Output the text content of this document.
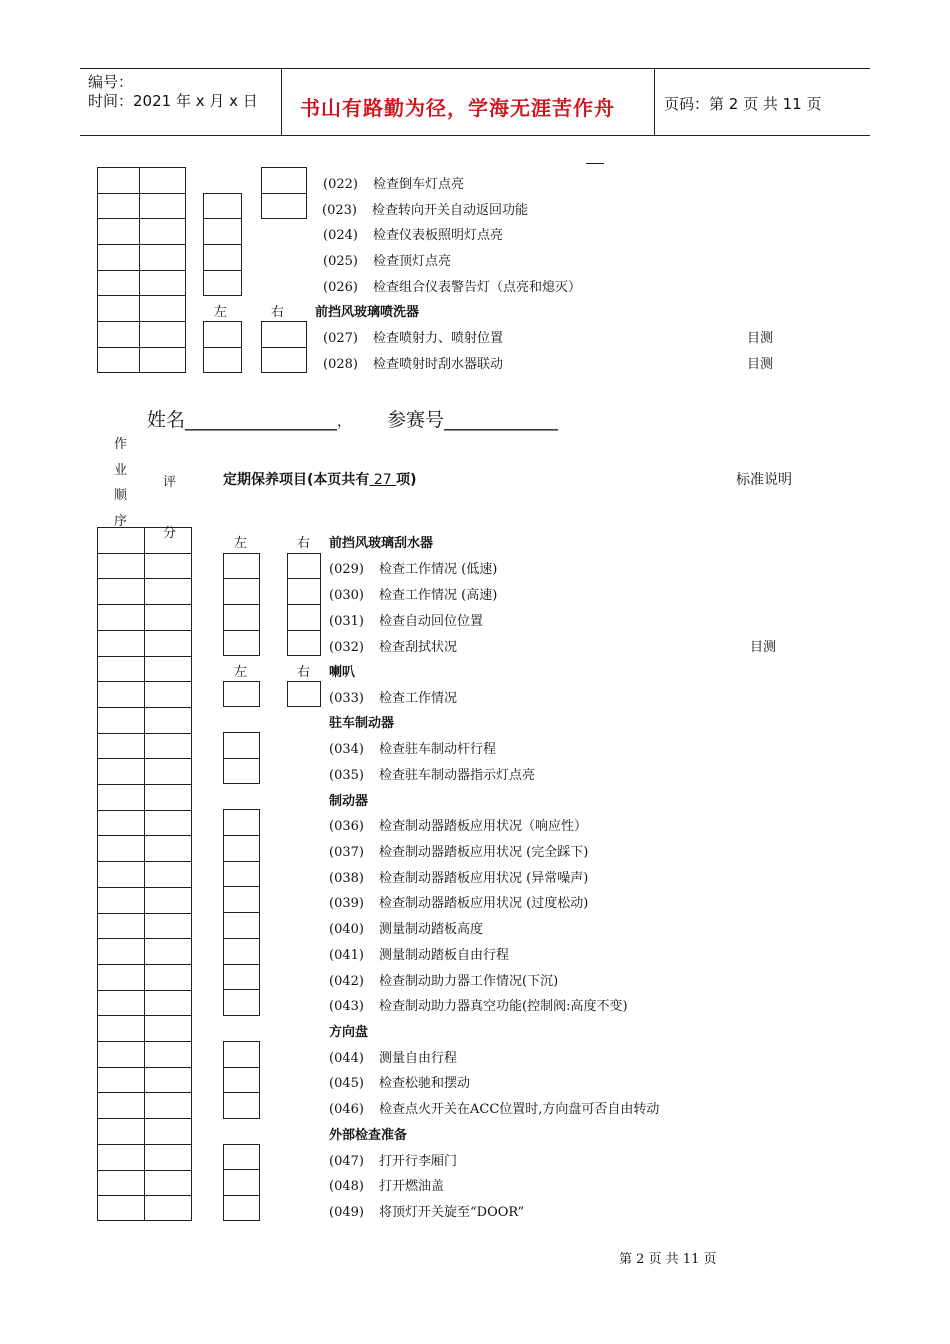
编号：
时间：2021 年 x 月 x 日 书山有路勤为径，学海无涯苦作舟	页码：第 2 页 共 11 页
(022) 检查倒车灯点亮
(023) 检查转向开关自动返回功能
(024) 检查仪表板照明灯点亮
(025) 检查顶灯点亮
(026) 检查组合仪表警告灯（点亮和熄灭）
左	右 前挡风玻璃喷洗器
(027) 检查喷射力、喷射位置	目测
(028) 检查喷射时刮水器联动	目测
姓名________________， 参赛号____________
作
业
顺
序
评
分
定期保养项目(本页共有 27 项)	标准说明
左	右 前挡风玻璃刮水器
(029) 检查工作情况 (低速)
(030) 检查工作情况 (高速)
(031) 检查自动回位位置
(032) 检查刮拭状况	目测
左	右 喇叭
(033) 检查工作情况
驻车制动器
(034) 检查驻车制动杆行程
(035) 检查驻车制动器指示灯点亮
制动器
(036) 检查制动器踏板应用状况（响应性）
(037) 检查制动器踏板应用状况 (完全踩下)
(038) 检查制动器踏板应用状况 (异常噪声)
(039) 检查制动器踏板应用状况 (过度松动)
(040) 测量制动踏板高度
(041) 测量制动踏板自由行程
(042) 检查制动助力器工作情况(下沉)
(043) 检查制动助力器真空功能(控制阀:高度不变)
方向盘
(044) 测量自由行程
(045) 检查松驰和摆动
(046) 检查点火开关在ACC位置时,方向盘可否自由转动
外部检查准备
(047) 打开行李厢门
(048) 打开燃油盖
(049) 将顶灯开关旋至“DOOR”
第 2 页 共 11 页
